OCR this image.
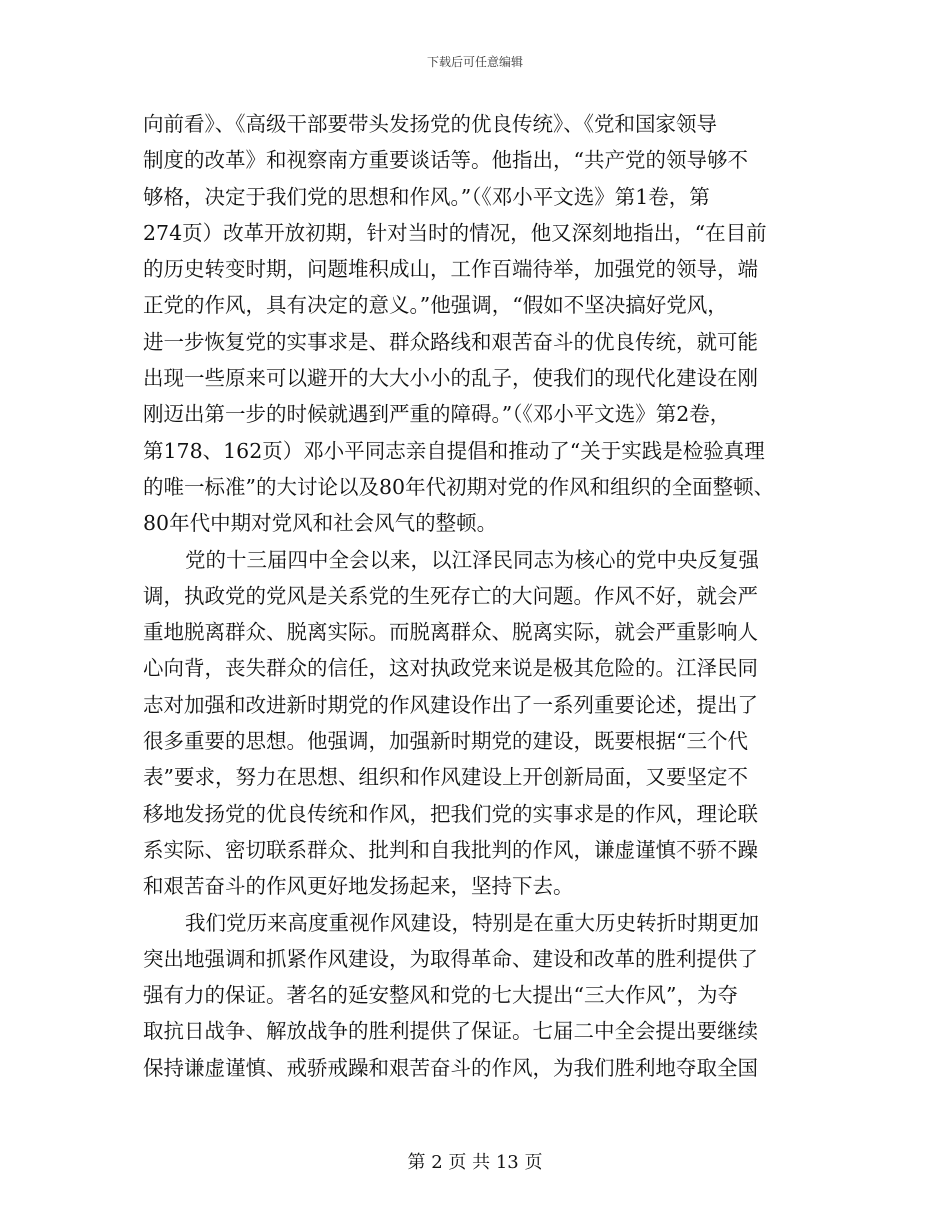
下载后可任意编辑
向前看》、《高级干部要带头发扬党的优良传统》、《党和国家领导
制度的改革》和视察南方重要谈话等。他指出，“共产党的领导够不
够格，决定于我们党的思想和作风。”（《邓小平文选》第1卷，第
274页）改革开放初期，针对当时的情况，他又深刻地指出，“在目前
的历史转变时期，问题堆积成山，工作百端待举，加强党的领导，端
正党的作风，具有决定的意义。”他强调，“假如不坚决搞好党风，
进一步恢复党的实事求是、群众路线和艰苦奋斗的优良传统，就可能
出现一些原来可以避开的大大小小的乱子，使我们的现代化建设在刚
刚迈出第一步的时候就遇到严重的障碍。”（《邓小平文选》第2卷，
第178、162页）邓小平同志亲自提倡和推动了“关于实践是检验真理
的唯一标准”的大讨论以及80年代初期对党的作风和组织的全面整顿、
80年代中期对党风和社会风气的整顿。
党的十三届四中全会以来，以江泽民同志为核心的党中央反复强
调，执政党的党风是关系党的生死存亡的大问题。作风不好，就会严
重地脱离群众、脱离实际。而脱离群众、脱离实际，就会严重影响人
心向背，丧失群众的信任，这对执政党来说是极其危险的。江泽民同
志对加强和改进新时期党的作风建设作出了一系列重要论述，提出了
很多重要的思想。他强调，加强新时期党的建设，既要根据“三个代
表”要求，努力在思想、组织和作风建设上开创新局面，又要坚定不
移地发扬党的优良传统和作风，把我们党的实事求是的作风，理论联
系实际、密切联系群众、批判和自我批判的作风，谦虚谨慎不骄不躁
和艰苦奋斗的作风更好地发扬起来，坚持下去。
我们党历来高度重视作风建设，特别是在重大历史转折时期更加
突出地强调和抓紧作风建设，为取得革命、建设和改革的胜利提供了
强有力的保证。著名的延安整风和党的七大提出“三大作风”，为夺
取抗日战争、解放战争的胜利提供了保证。七届二中全会提出要继续
保持谦虚谨慎、戒骄戒躁和艰苦奋斗的作风，为我们胜利地夺取全国
第 2 页 共 13 页
